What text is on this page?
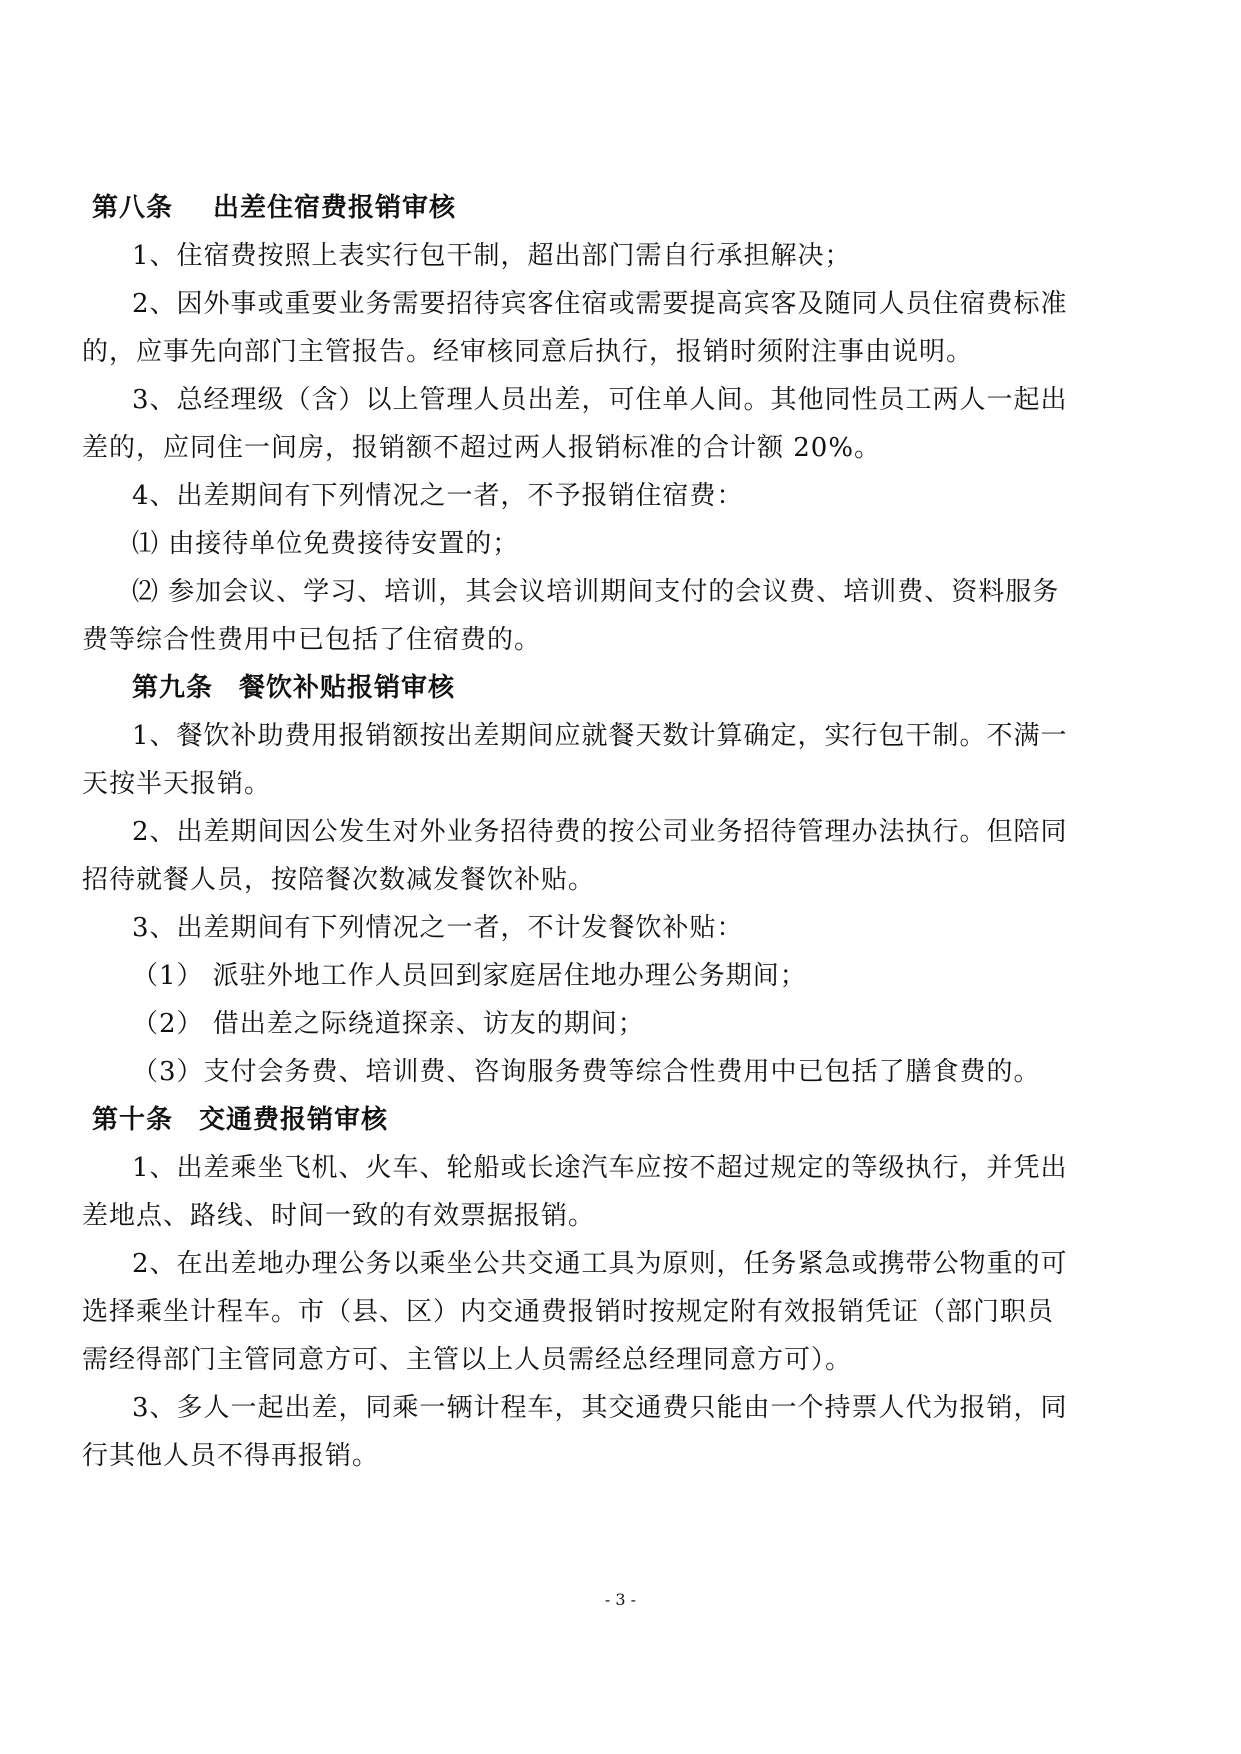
第八条 出差住宿费报销审核
1、住宿费按照上表实行包干制，超出部门需自行承担解决；
2、因外事或重要业务需要招待宾客住宿或需要提高宾客及随同人员住宿费标准
的，应事先向部门主管报告。经审核同意后执行，报销时须附注事由说明。
3、总经理级（含）以上管理人员出差，可住单人间。其他同性员工两人一起出
差的，应同住一间房，报销额不超过两人报销标准的合计额 20%。
4、出差期间有下列情况之一者，不予报销住宿费：
⑴ 由接待单位免费接待安置的；
⑵ 参加会议、学习、培训，其会议培训期间支付的会议费、培训费、资料服务
费等综合性费用中已包括了住宿费的。
第九条 餐饮补贴报销审核
1、餐饮补助费用报销额按出差期间应就餐天数计算确定，实行包干制。不满一
天按半天报销。
2、出差期间因公发生对外业务招待费的按公司业务招待管理办法执行。但陪同
招待就餐人员，按陪餐次数减发餐饮补贴。
3、出差期间有下列情况之一者，不计发餐饮补贴：
（1） 派驻外地工作人员回到家庭居住地办理公务期间；
（2） 借出差之际绕道探亲、访友的期间；
（3）支付会务费、培训费、咨询服务费等综合性费用中已包括了膳食费的。
第十条 交通费报销审核
1、出差乘坐飞机、火车、轮船或长途汽车应按不超过规定的等级执行，并凭出
差地点、路线、时间一致的有效票据报销。
2、在出差地办理公务以乘坐公共交通工具为原则，任务紧急或携带公物重的可
选择乘坐计程车。市（县、区）内交通费报销时按规定附有效报销凭证（部门职员
需经得部门主管同意方可、主管以上人员需经总经理同意方可）。
3、多人一起出差，同乘一辆计程车，其交通费只能由一个持票人代为报销，同
行其他人员不得再报销。
- 3 -
